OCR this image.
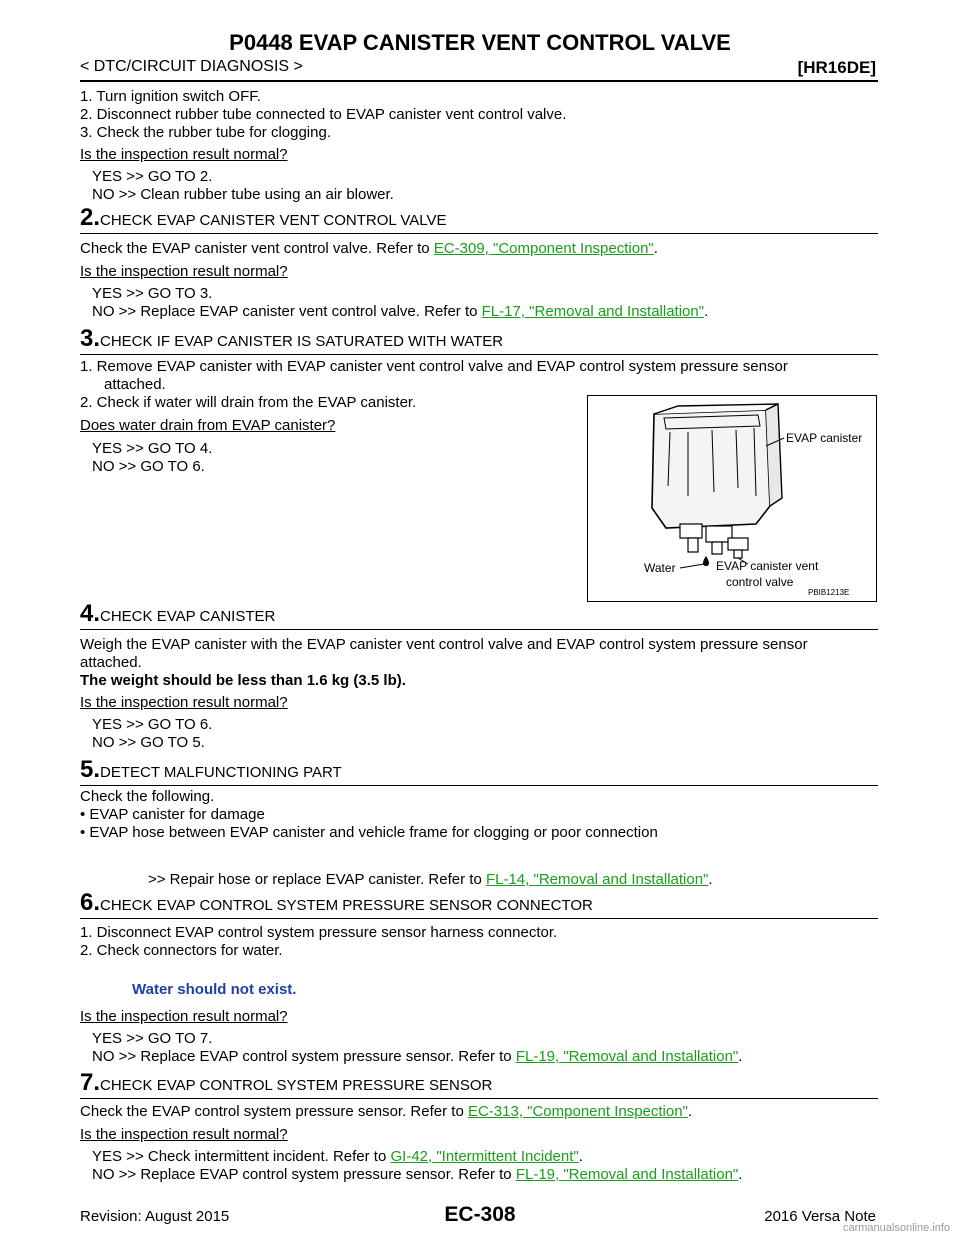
P0448 EVAP CANISTER VENT CONTROL VALVE
< DTC/CIRCUIT DIAGNOSIS >	[HR16DE]
1. Turn ignition switch OFF.
2. Disconnect rubber tube connected to EVAP canister vent control valve.
3. Check the rubber tube for clogging.
Is the inspection result normal?
YES >> GO TO 2.
NO >> Clean rubber tube using an air blower.
2.CHECK EVAP CANISTER VENT CONTROL VALVE
Check the EVAP canister vent control valve. Refer to EC-309, "Component Inspection".
Is the inspection result normal?
YES >> GO TO 3.
NO >> Replace EVAP canister vent control valve. Refer to FL-17, "Removal and Installation".
3.CHECK IF EVAP CANISTER IS SATURATED WITH WATER
1. Remove EVAP canister with EVAP canister vent control valve and EVAP control system pressure sensor
attached.
2. Check if water will drain from the EVAP canister.
Does water drain from EVAP canister?
YES >> GO TO 4.
NO >> GO TO 6.
EVAP canister
Water	EVAP canister vent
control valve
PBIB1213E
4.CHECK EVAP CANISTER
Weigh the EVAP canister with the EVAP canister vent control valve and EVAP control system pressure sensor
attached.
The weight should be less than 1.6 kg (3.5 lb).
Is the inspection result normal?
YES >> GO TO 6.
NO >> GO TO 5.
5.DETECT MALFUNCTIONING PART
Check the following.
• EVAP canister for damage
• EVAP hose between EVAP canister and vehicle frame for clogging or poor connection
>> Repair hose or replace EVAP canister. Refer to FL-14, "Removal and Installation".
6.CHECK EVAP CONTROL SYSTEM PRESSURE SENSOR CONNECTOR
1. Disconnect EVAP control system pressure sensor harness connector.
2. Check connectors for water.
Water should not exist.
Is the inspection result normal?
YES >> GO TO 7.
NO >> Replace EVAP control system pressure sensor. Refer to FL-19, "Removal and Installation".
7.CHECK EVAP CONTROL SYSTEM PRESSURE SENSOR
Check the EVAP control system pressure sensor. Refer to EC-313, "Component Inspection".
Is the inspection result normal?
YES >> Check intermittent incident. Refer to GI-42, "Intermittent Incident".
NO >> Replace EVAP control system pressure sensor. Refer to FL-19, "Removal and Installation".
Revision: August 2015	EC-308	2016 Versa Note
carmanualsonline.info
